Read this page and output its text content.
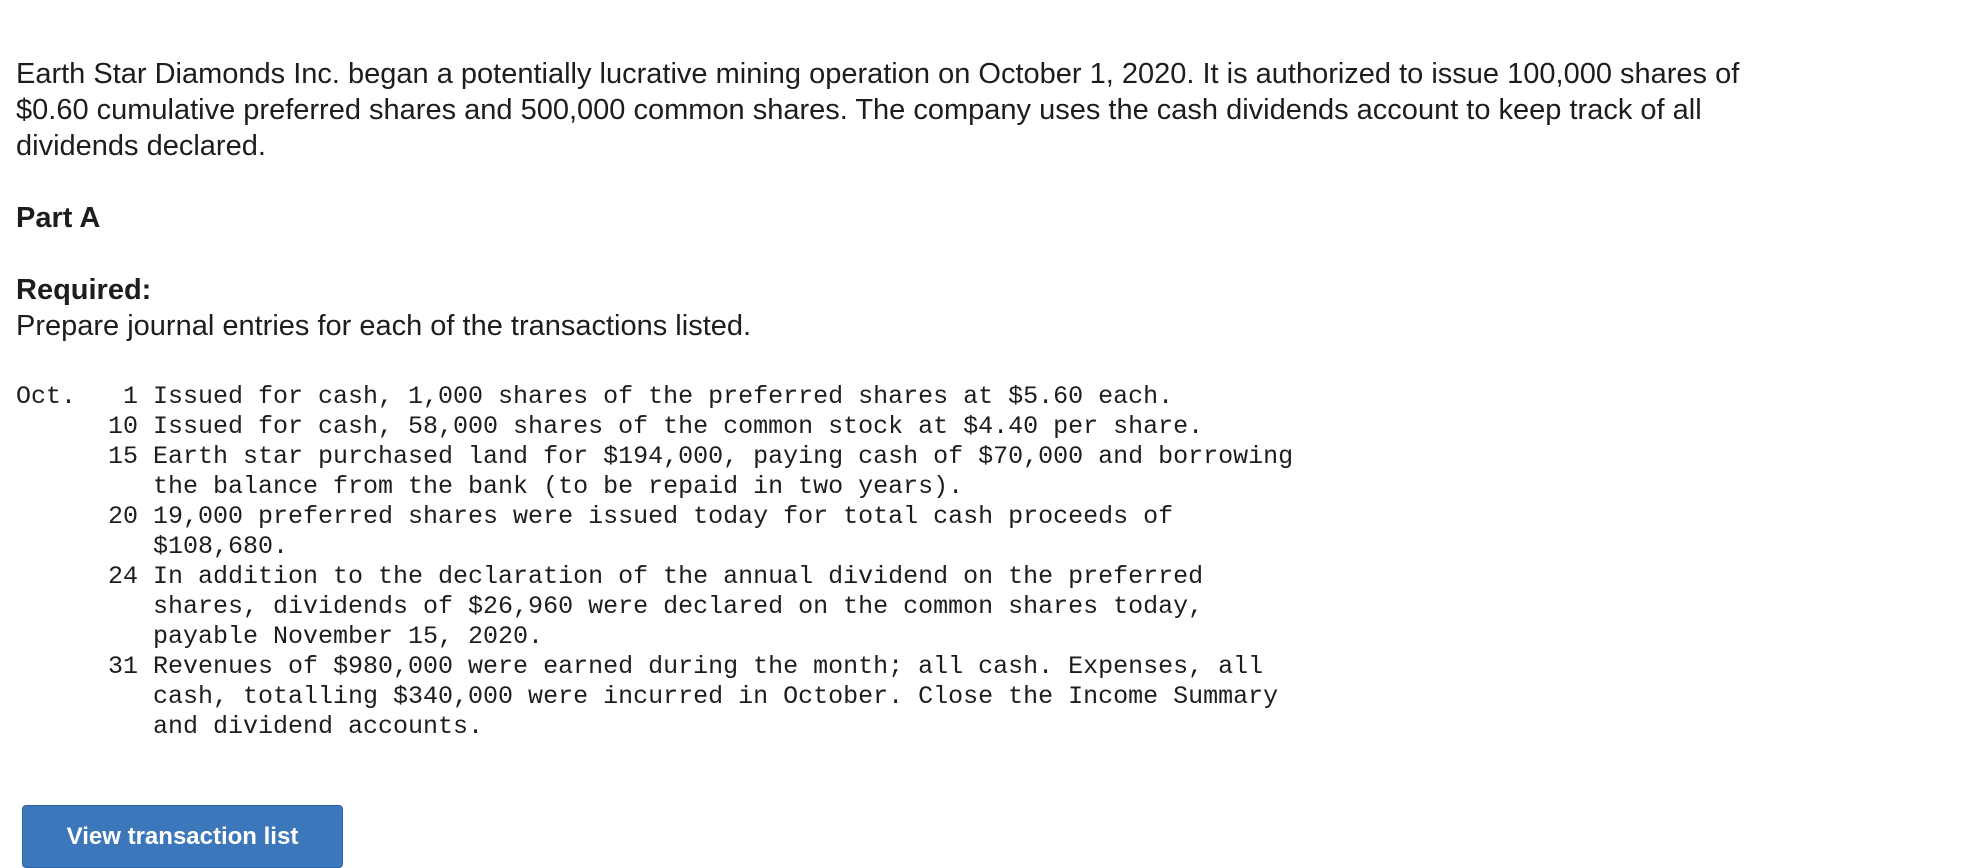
Earth Star Diamonds Inc. began a potentially lucrative mining operation on October 1, 2020. It is authorized to issue 100,000 shares of
$0.60 cumulative preferred shares and 500,000 common shares. The company uses the cash dividends account to keep track of all
dividends declared.
Part A
Required:
Prepare journal entries for each of the transactions listed.
Oct.	1 Issued for cash, 1,000 shares of the preferred shares at $5.60 each.
10 Issued for cash, 58,000 shares of the common stock at $4.40 per share.
15 Earth star purchased land for $194,000, paying cash of $70,000 and borrowing
the balance from the bank (to be repaid in two years).
20 19,000 preferred shares were issued today for total cash proceeds of
$108,680.
24 In addition to the declaration of the annual dividend on the preferred
shares, dividends of $26,960 were declared on the common shares today,
payable November 15, 2020.
31 Revenues of $980,000 were earned during the month; all cash. Expenses, all
cash, totalling $340,000 were incurred in October. Close the Income Summary
and dividend accounts.
View transaction list
